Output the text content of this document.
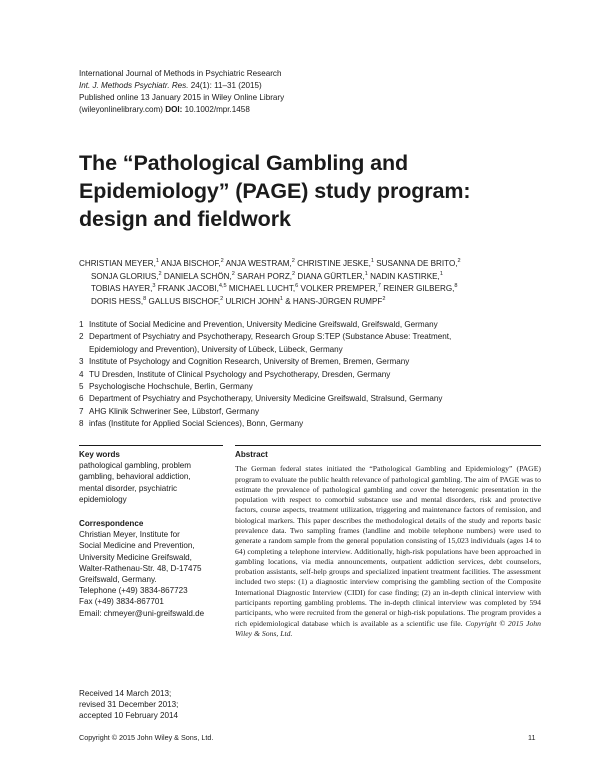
International Journal of Methods in Psychiatric Research
Int. J. Methods Psychiatr. Res. 24(1): 11–31 (2015)
Published online 13 January 2015 in Wiley Online Library
(wileyonlinelibrary.com) DOI: 10.1002/mpr.1458
The “Pathological Gambling and
Epidemiology” (PAGE) study program:
design and fieldwork
CHRISTIAN MEYER,$^1$ ANJA BISCHOF,$^2$ ANJA WESTRAM,$^2$ CHRISTINE JESKE,$^1$ SUSANNA DE BRITO,$^2$
SONJA GLORIUS,$^2$ DANIELA SCHÖN,$^2$ SARAH PORZ,$^2$ DIANA GÜRTLER,$^1$ NADIN KASTIRKE,$^1$
TOBIAS HAYER,$^3$ FRANK JACOBI,$^{4,5}$ MICHAEL LUCHT,$^6$ VOLKER PREMPER,$^7$ REINER GILBERG,$^8$
DORIS HESS,$^8$ GALLUS BISCHOF,$^2$ ULRICH JOHN$^1$ & HANS-JÜRGEN RUMPF$^2$
1 Institute of Social Medicine and Prevention, University Medicine Greifswald, Greifswald, Germany
2 Department of Psychiatry and Psychotherapy, Research Group S:TEP (Substance Abuse: Treatment,
Epidemiology and Prevention), University of Lübeck, Lübeck, Germany
3 Institute of Psychology and Cognition Research, University of Bremen, Bremen, Germany
4 TU Dresden, Institute of Clinical Psychology and Psychotherapy, Dresden, Germany
5 Psychologische Hochschule, Berlin, Germany
6 Department of Psychiatry and Psychotherapy, University Medicine Greifswald, Stralsund, Germany
7 AHG Klinik Schweriner See, Lübstorf, Germany
8 infas (Institute for Applied Social Sciences), Bonn, Germany
Key words
pathological gambling, problem
gambling, behavioral addiction,
mental disorder, psychiatric
epidemiology
Correspondence
Christian Meyer, Institute for
Social Medicine and Prevention,
University Medicine Greifswald,
Walter-Rathenau-Str. 48, D-17475
Greifswald, Germany.
Telephone (+49) 3834-867723
Fax (+49) 3834-867701
Email: chmeyer@uni-greifswald.de
Received 14 March 2013;
revised 31 December 2013;
accepted 10 February 2014
Abstract
The German federal states initiated the “Pathological Gambling and Epidemiology” (PAGE) program to evaluate the public health relevance of pathological gambling. The aim of PAGE was to estimate the prevalence of pathological gambling and cover the heterogenic presentation in the population with respect to comorbid substance use and mental disorders, risk and protective factors, course aspects, treatment utilization, triggering and maintenance factors of remission, and biological markers. This paper describes the methodological details of the study and reports basic prevalence data. Two sampling frames (landline and mobile telephone numbers) were used to generate a random sample from the general population consisting of 15,023 individuals (ages 14 to 64) completing a telephone interview. Additionally, high-risk populations have been approached in gambling locations, via media announcements, outpatient addiction services, debt counselors, probation assistants, self-help groups and specialized inpatient treatment facilities. The assessment included two steps: (1) a diagnostic interview comprising the gambling section of the Composite International Diagnostic Interview (CIDI) for case finding; (2) an in-depth clinical interview with participants reporting gambling problems. The in-depth clinical interview was completed by 594 participants, who were recruited from the general or high-risk populations. The program provides a rich epidemiological database which is available as a scientific use file. Copyright © 2015 John Wiley & Sons, Ltd.
Copyright © 2015 John Wiley & Sons, Ltd.	11
